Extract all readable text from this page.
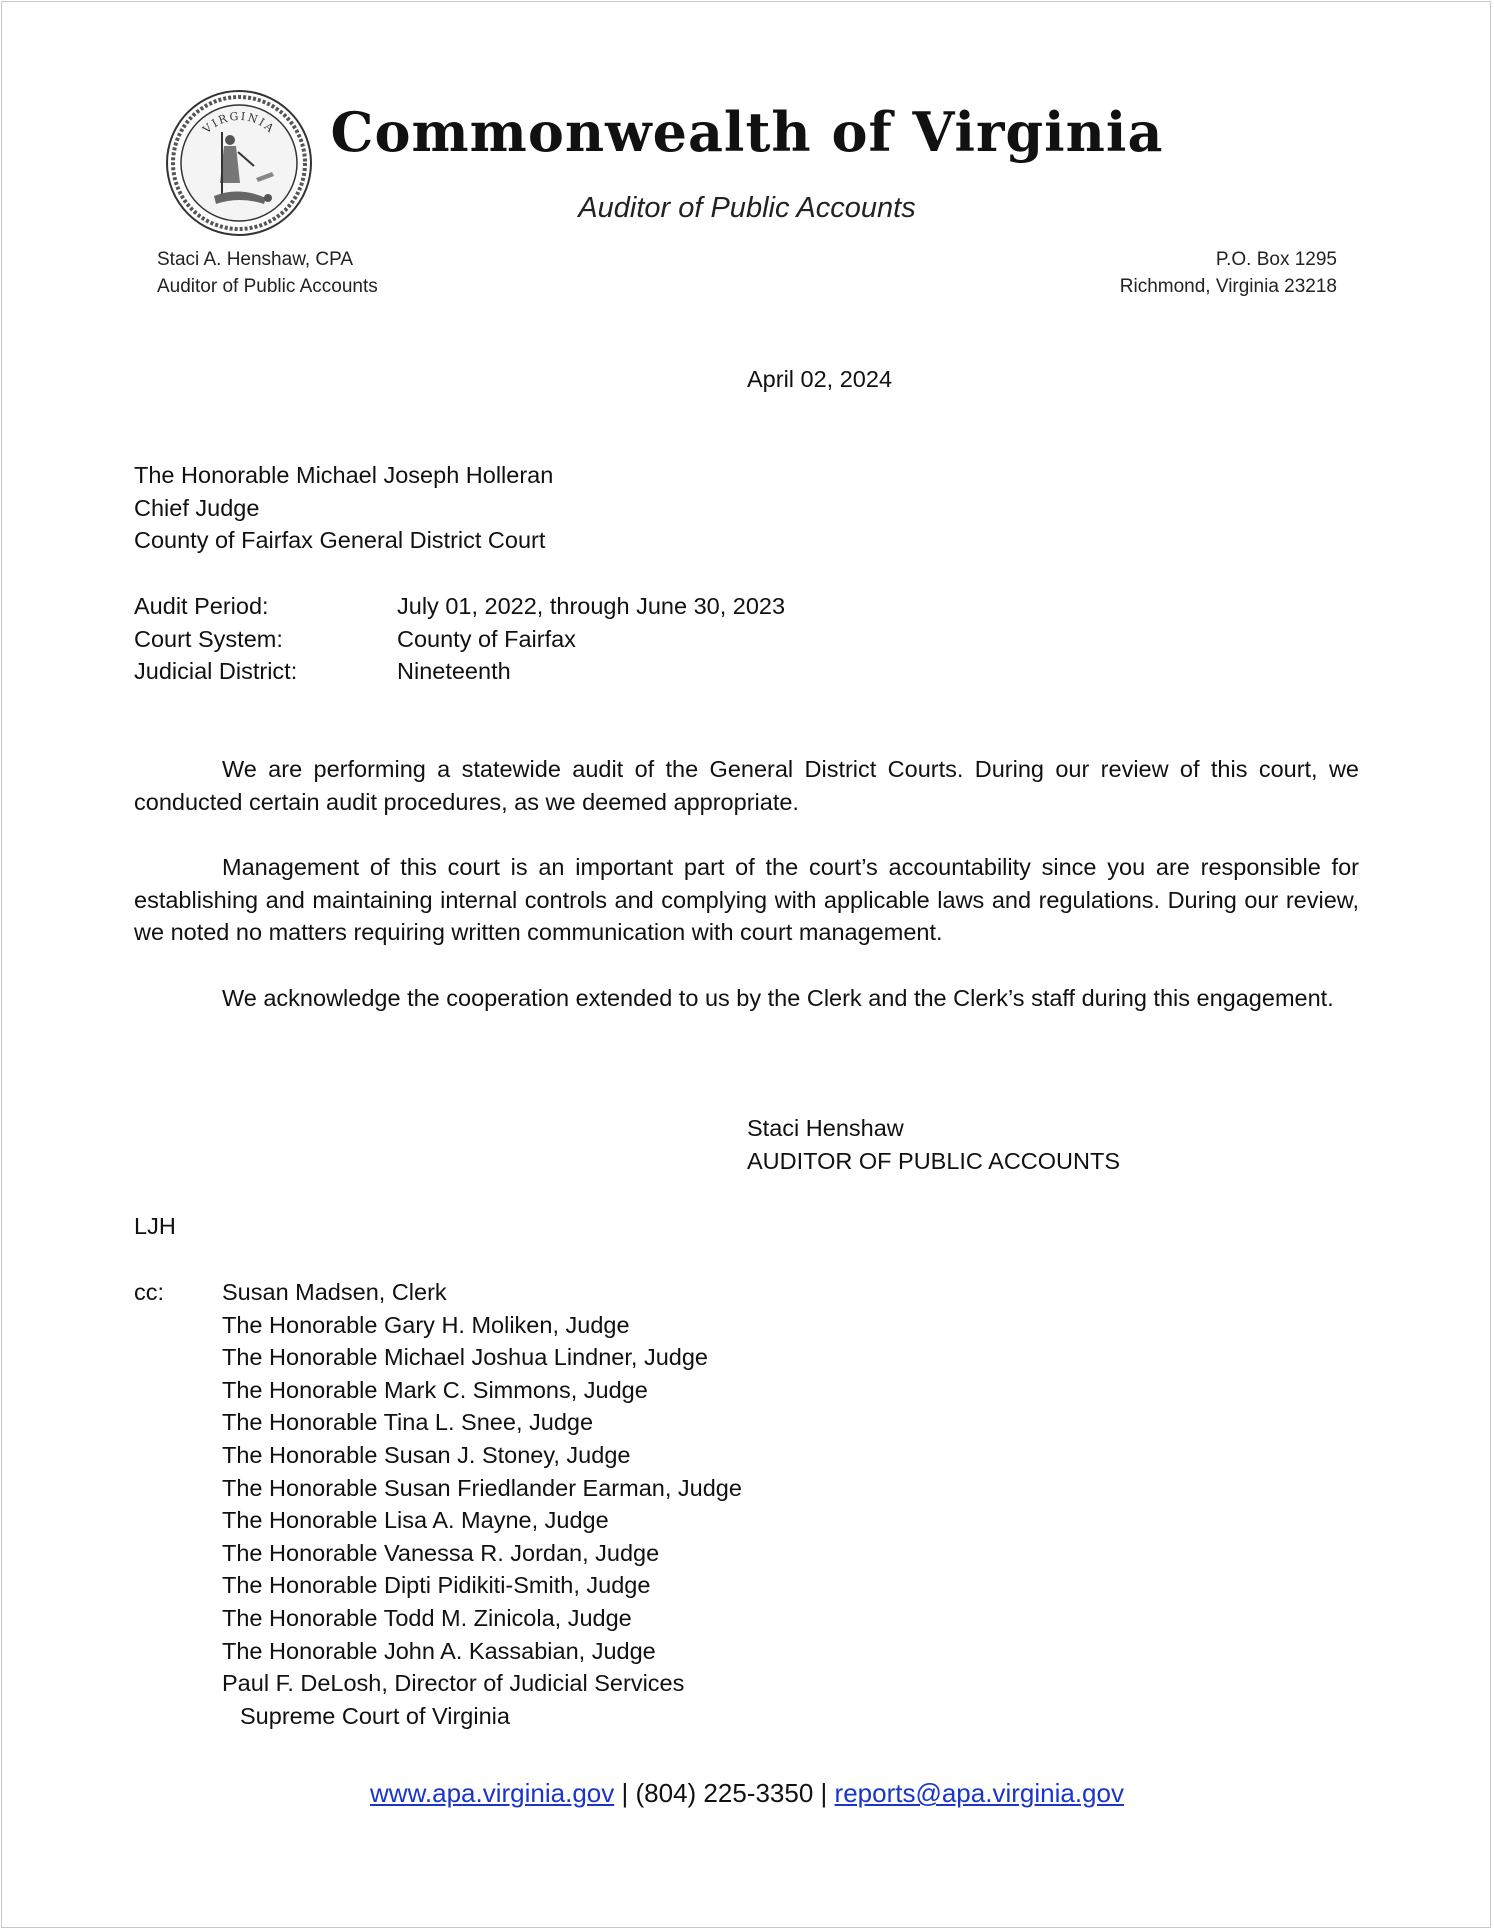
VIRGINIA Commonwealth of Virginia
Auditor of Public Accounts
Staci A. Henshaw, CPA
Auditor of Public Accounts
P.O. Box 1295
Richmond, Virginia 23218
April 02, 2024
The Honorable Michael Joseph Holleran
Chief Judge
County of Fairfax General District Court
Audit Period:	July 01, 2022, through June 30, 2023
Court System:	County of Fairfax
Judicial District:	Nineteenth
We are performing a statewide audit of the General District Courts. During our review of this court, we conducted certain audit procedures, as we deemed appropriate.
Management of this court is an important part of the court’s accountability since you are responsible for establishing and maintaining internal controls and complying with applicable laws and regulations. During our review, we noted no matters requiring written communication with court management.
We acknowledge the cooperation extended to us by the Clerk and the Clerk’s staff during this engagement.
Staci Henshaw
AUDITOR OF PUBLIC ACCOUNTS
LJH
cc: Susan Madsen, Clerk
The Honorable Gary H. Moliken, Judge
The Honorable Michael Joshua Lindner, Judge
The Honorable Mark C. Simmons, Judge
The Honorable Tina L. Snee, Judge
The Honorable Susan J. Stoney, Judge
The Honorable Susan Friedlander Earman, Judge
The Honorable Lisa A. Mayne, Judge
The Honorable Vanessa R. Jordan, Judge
The Honorable Dipti Pidikiti-Smith, Judge
The Honorable Todd M. Zinicola, Judge
The Honorable John A. Kassabian, Judge
Paul F. DeLosh, Director of Judicial Services
Supreme Court of Virginia
www.apa.virginia.gov | (804) 225-3350 | reports@apa.virginia.gov
